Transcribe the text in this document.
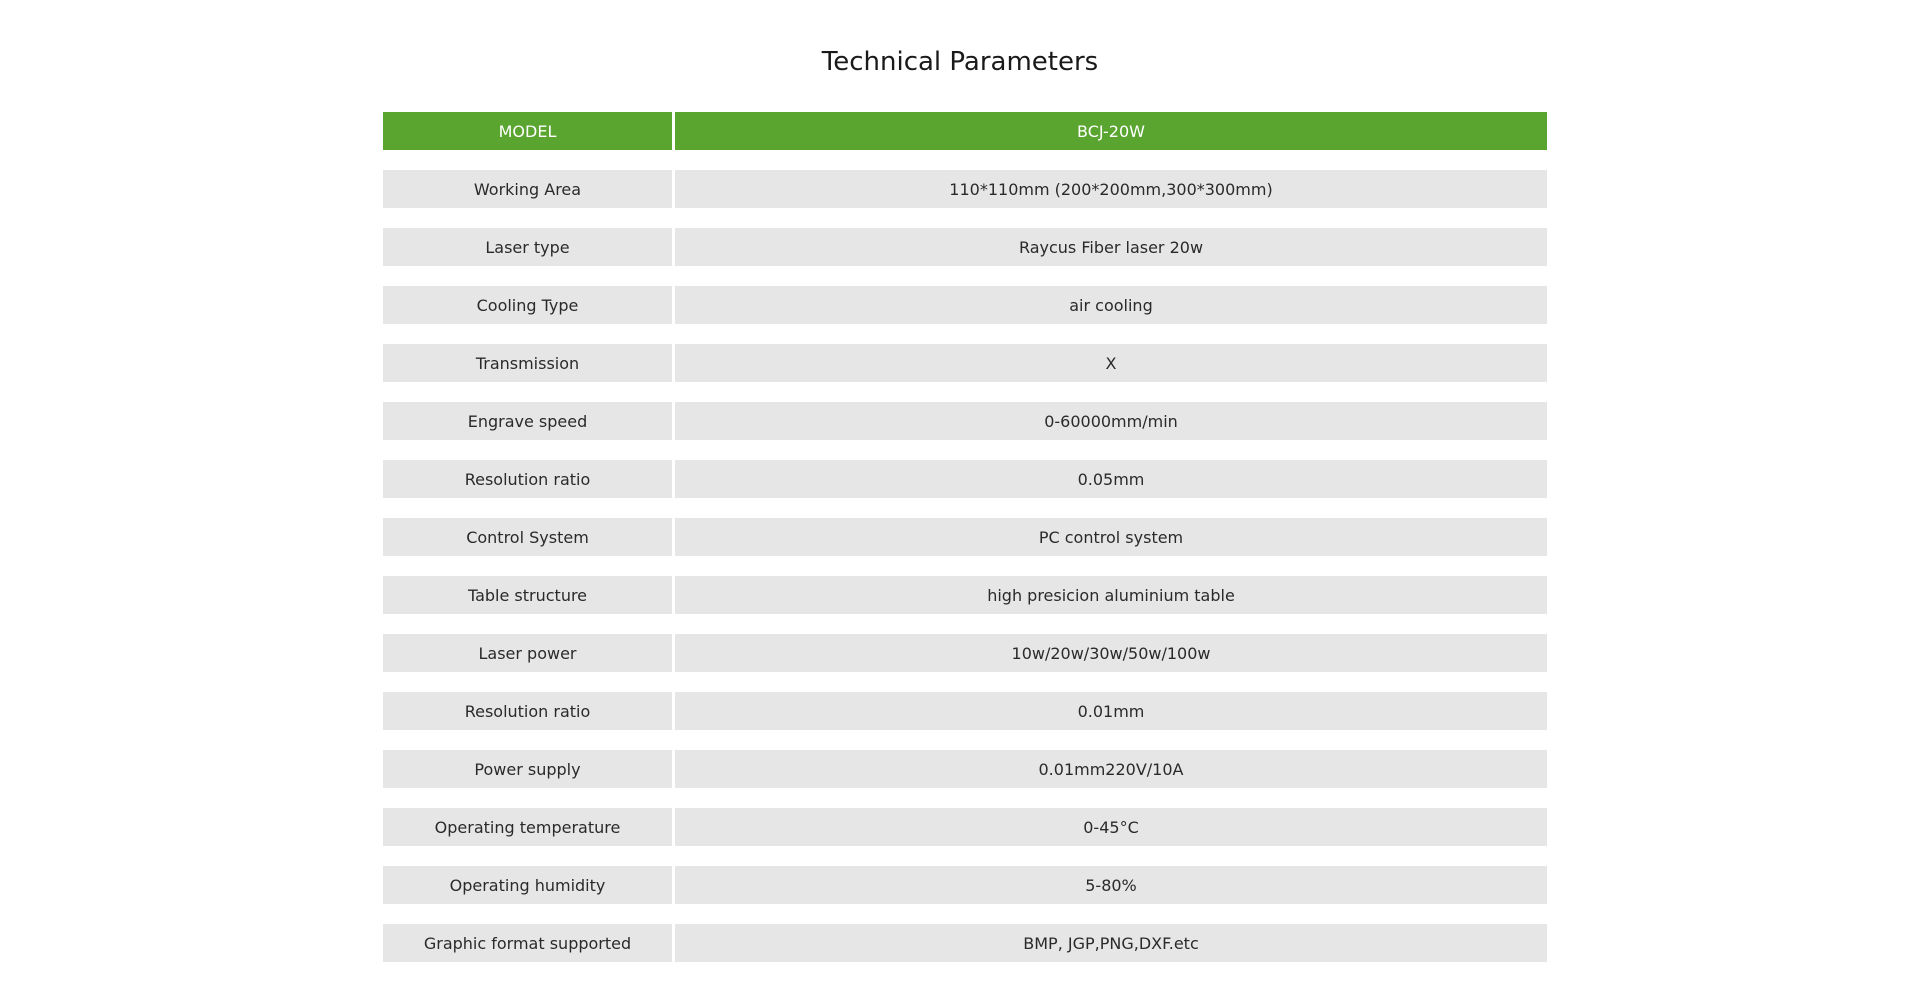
Technical Parameters
MODEL	BCJ-20W
Working Area	110*110mm (200*200mm,300*300mm)
Laser type	Raycus Fiber laser 20w
Cooling Type	air cooling
Transmission	X
Engrave speed	0-60000mm/min
Resolution ratio	0.05mm
Control System	PC control system
Table structure	high presicion aluminium table
Laser power	10w/20w/30w/50w/100w
Resolution ratio	0.01mm
Power supply	0.01mm220V/10A
Operating temperature	0-45°C
Operating humidity	5-80%
Graphic format supported	BMP, JGP,PNG,DXF.etc
